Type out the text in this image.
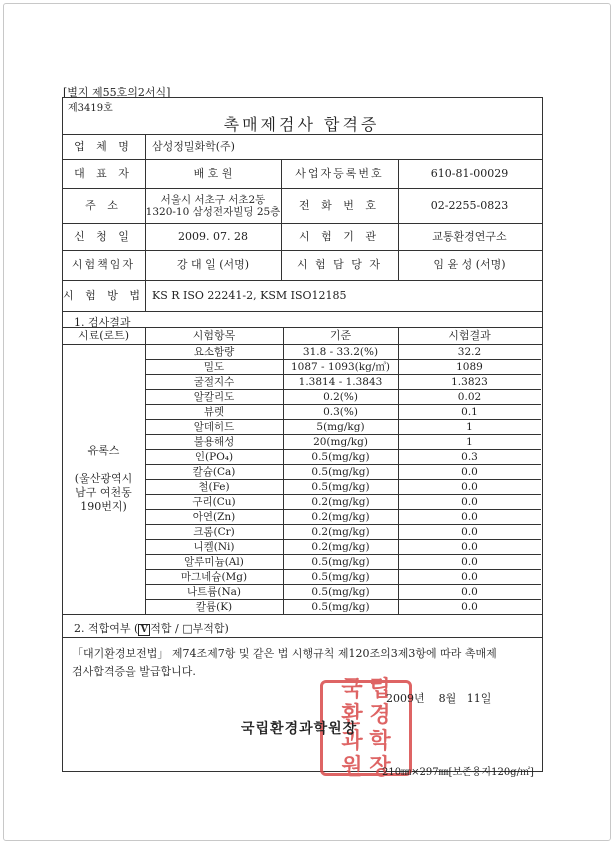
[별지 제55호의2서식]
제3419호
촉매제검사 합격증
업 체 명	삼성정밀화학(주)
대 표 자	배 호 원	사업자등록번호	610-81-00029
주 소	서울시 서초구 서초2동
1320-10 삼성전자빌딩 25층	전 화 번 호	02-2255-0823
신 청 일	2009. 07. 28	시 험 기 관	교통환경연구소
시험책임자	강 대 일 (서명)	시 험 담 당 자	임 윤 성 (서명)
시 험 방 법 KS R ISO 22241-2, KSM ISO12185
1. 검사결과
시료(로트)	시험항목	기준	시험결과
유록스
(울산광역시
남구 여천동
190번지)
요소함량	31.8 - 33.2(%)	32.2
밀도	1087 - 1093(kg/㎥)	1089
굴절지수	1.3814 - 1.3843	1.3823
알칼리도	0.2(%)	0.02
뷰렛	0.3(%)	0.1
알데히드	5(mg/kg)	1
불용해성	20(mg/kg)	1
인(PO₄)	0.5(mg/kg)	0.3
칼슘(Ca)	0.5(mg/kg)	0.0
철(Fe)	0.5(mg/kg)	0.0
구리(Cu)	0.2(mg/kg)	0.0
아연(Zn)	0.2(mg/kg)	0.0
크롬(Cr)	0.2(mg/kg)	0.0
니켈(Ni)	0.2(mg/kg)	0.0
알루미늄(Al)	0.5(mg/kg)	0.0
마그네슘(Mg)	0.5(mg/kg)	0.0
나트륨(Na)	0.5(mg/kg)	0.0
칼륨(K)	0.5(mg/kg)	0.0
2. 적합여부 ( V 적합 / □부적합)
「대기환경보전법」 제74조제7항 및 같은 법 시행규칙 제120조의3제3항에 따라 촉매제
검사합격증을 발급합니다.
국 립
환 경
과 학
원 장
2009년    8월   11일
국립환경과학원장
210㎜×297㎜[보존용지120g/㎡]
